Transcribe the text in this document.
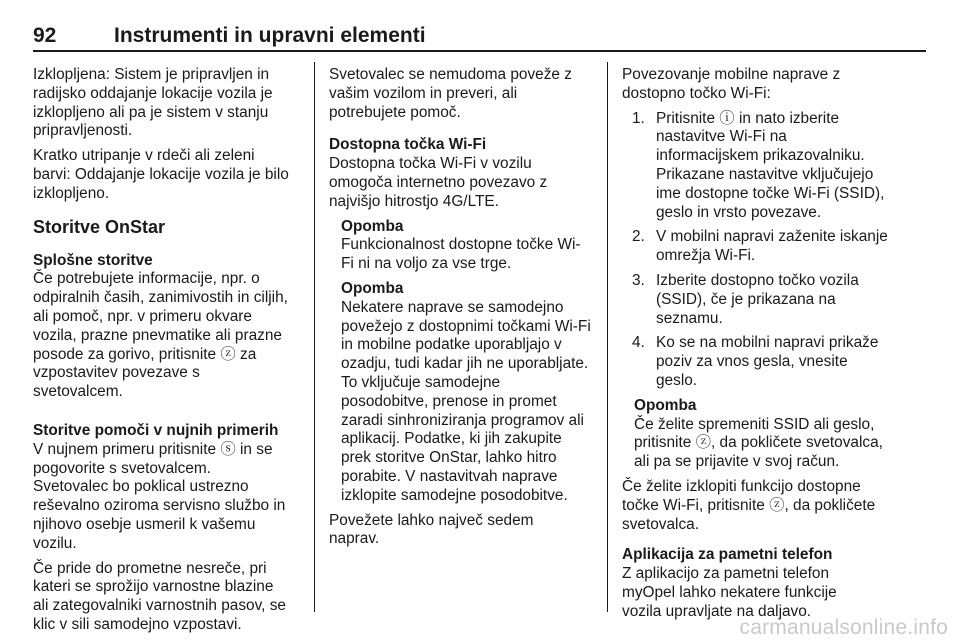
92	Instrumenti in upravni elementi

Izklopljena: Sistem je pripravljen in
radijsko oddajanje lokacije vozila je
izklopljeno ali pa je sistem v stanju
pripravljenosti.

Kratko utripanje v rdeči ali zeleni
barvi: Oddajanje lokacije vozila je bilo
izklopljeno.

Storitve OnStar

Splošne storitve

Če potrebujete informacije, npr. o
odpiralnih časih, zanimivostih in ciljih,
ali pomoč, npr. v primeru okvare
vozila, prazne pnevmatike ali prazne
posode za gorivo, pritisnite ⓩ za
vzpostavitev povezave s
svetovalcem.

Storitve pomoči v nujnih primerih

V nujnem primeru pritisnite ⓢ in se
pogovorite s svetovalcem.
Svetovalec bo poklical ustrezno
reševalno oziroma servisno službo in
njihovo osebje usmeril k vašemu
vozilu.

Če pride do prometne nesreče, pri
kateri se sprožijo varnostne blazine
ali zategovalniki varnostnih pasov, se
klic v sili samodejno vzpostavi.

Svetovalec se nemudoma poveže z
vašim vozilom in preveri, ali
potrebujete pomoč.

Dostopna točka Wi-Fi

Dostopna točka Wi-Fi v vozilu
omogoča internetno povezavo z
najvišjo hitrostjo 4G/LTE.

Opomba

Funkcionalnost dostopne točke Wi-
Fi ni na voljo za vse trge.

Opomba

Nekatere naprave se samodejno
povežejo z dostopnimi točkami Wi-Fi
in mobilne podatke uporabljajo v
ozadju, tudi kadar jih ne uporabljate.
To vključuje samodejne
posodobitve, prenose in promet
zaradi sinhroniziranja programov ali
aplikacij. Podatke, ki jih zakupite
prek storitve OnStar, lahko hitro
porabite. V nastavitvah naprave
izklopite samodejne posodobitve.

Povežete lahko največ sedem
naprav.

Povezovanje mobilne naprave z
dostopno točko Wi-Fi:

1. Pritisnite ⓘ in nato izberite
nastavitve Wi-Fi na
informacijskem prikazovalniku.
Prikazane nastavitve vključujejo
ime dostopne točke Wi-Fi (SSID),
geslo in vrsto povezave.
2. V mobilni napravi zaženite iskanje
omrežja Wi-Fi.
3. Izberite dostopno točko vozila
(SSID), če je prikazana na
seznamu.
4. Ko se na mobilni napravi prikaže
poziv za vnos gesla, vnesite
geslo.

Opomba

Če želite spremeniti SSID ali geslo,
pritisnite ⓩ, da pokličete svetovalca,
ali pa se prijavite v svoj račun.

Če želite izklopiti funkcijo dostopne
točke Wi-Fi, pritisnite ⓩ, da pokličete
svetovalca.

Aplikacija za pametni telefon

Z aplikacijo za pametni telefon
myOpel lahko nekatere funkcije
vozila upravljate na daljavo.

carmanualsonline.info
